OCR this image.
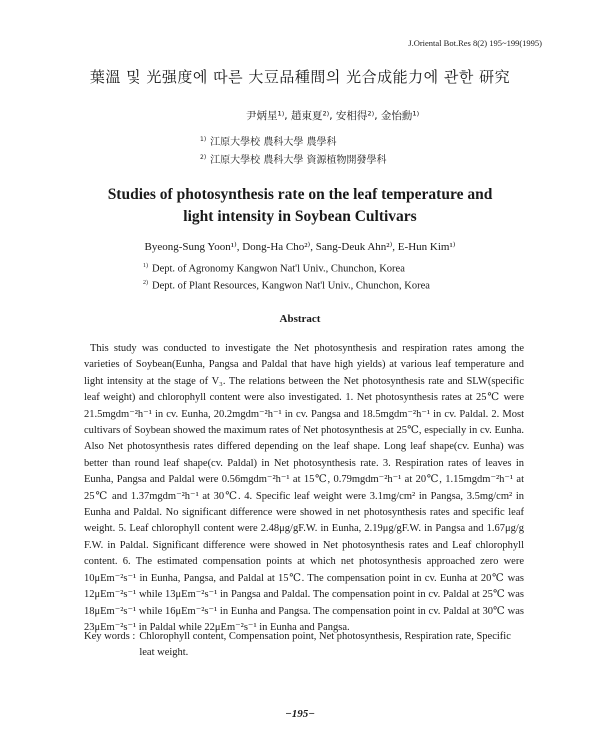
J.Oriental Bot.Res 8(2) 195~199(1995)
葉溫 및 光强度에 따른 大豆品種間의 光合成能力에 관한 研究
尹炳星¹⁾, 趙東夏²⁾, 安相得²⁾, 金怡勳¹⁾
$^{1)}$ 江原大學校 農科大學 農學科
$^{2)}$ 江原大學校 農科大學 資源植物開發學科
Studies of photosynthesis rate on the leaf temperature and
light intensity in Soybean Cultivars
Byeong-Sung Yoon¹⁾, Dong-Ha Cho²⁾, Sang-Deuk Ahn²⁾, E-Hun Kim¹⁾
$^{1)}$ Dept. of Agronomy Kangwon Nat'l Univ., Chunchon, Korea
$^{2)}$ Dept. of Plant Resources, Kangwon Nat'l Univ., Chunchon, Korea
Abstract
This study was conducted to investigate the Net photosynthesis and respiration rates among the varieties of Soybean(Eunha, Pangsa and Paldal that have high yields) at various leaf temperature and light intensity at the stage of V₃. The relations between the Net photosynthesis rate and SLW(specific leaf weight) and chlorophyll content were also investigated. 1. Net photosynthesis rates at 25℃ were 21.5mgdm⁻²h⁻¹ in cv. Eunha, 20.2mgdm⁻²h⁻¹ in cv. Pangsa and 18.5mgdm⁻²h⁻¹ in cv. Paldal. 2. Most cultivars of Soybean showed the maximum rates of Net photosynthesis at 25℃, especially in cv. Eunha. Also Net photosynthesis rates differed depending on the leaf shape. Long leaf shape(cv. Eunha) was better than round leaf shape(cv. Paldal) in Net photosynthesis rate. 3. Respiration rates of leaves in Eunha, Pangsa and Paldal were 0.56mgdm⁻²h⁻¹ at 15℃, 0.79mgdm⁻²h⁻¹ at 20℃, 1.15mgdm⁻²h⁻¹ at 25℃ and 1.37mgdm⁻²h⁻¹ at 30℃. 4. Specific leaf weight were 3.1mg/cm² in Pangsa, 3.5mg/cm² in Eunha and Paldal. No significant difference were showed in net photosynthesis rates and specific leaf weight. 5. Leaf chlorophyll content were 2.48μg/gF.W. in Eunha, 2.19μg/gF.W. in Pangsa and 1.67μg/g F.W. in Paldal. Significant difference were showed in Net photosynthesis rates and Leaf chlorophyll content. 6. The estimated compensation points at which net photosynthesis approached zero were 10μEm⁻²s⁻¹ in Eunha, Pangsa, and Paldal at 15℃. The compensation point in cv. Eunha at 20℃ was 12μEm⁻²s⁻¹ while 13μEm⁻²s⁻¹ in Pangsa and Paldal. The compensation point in cv. Paldal at 25℃ was 18μEm⁻²s⁻¹ while 16μEm⁻²s⁻¹ in Eunha and Pangsa. The compensation point in cv. Paldal at 30℃ was 23μEm⁻²s⁻¹ in Paldal while 22μEm⁻²s⁻¹ in Eunha and Pangsa.
Key words : Chlorophyll content, Compensation point, Net photosynthesis, Respiration rate, Specific leat weight.
−195−
